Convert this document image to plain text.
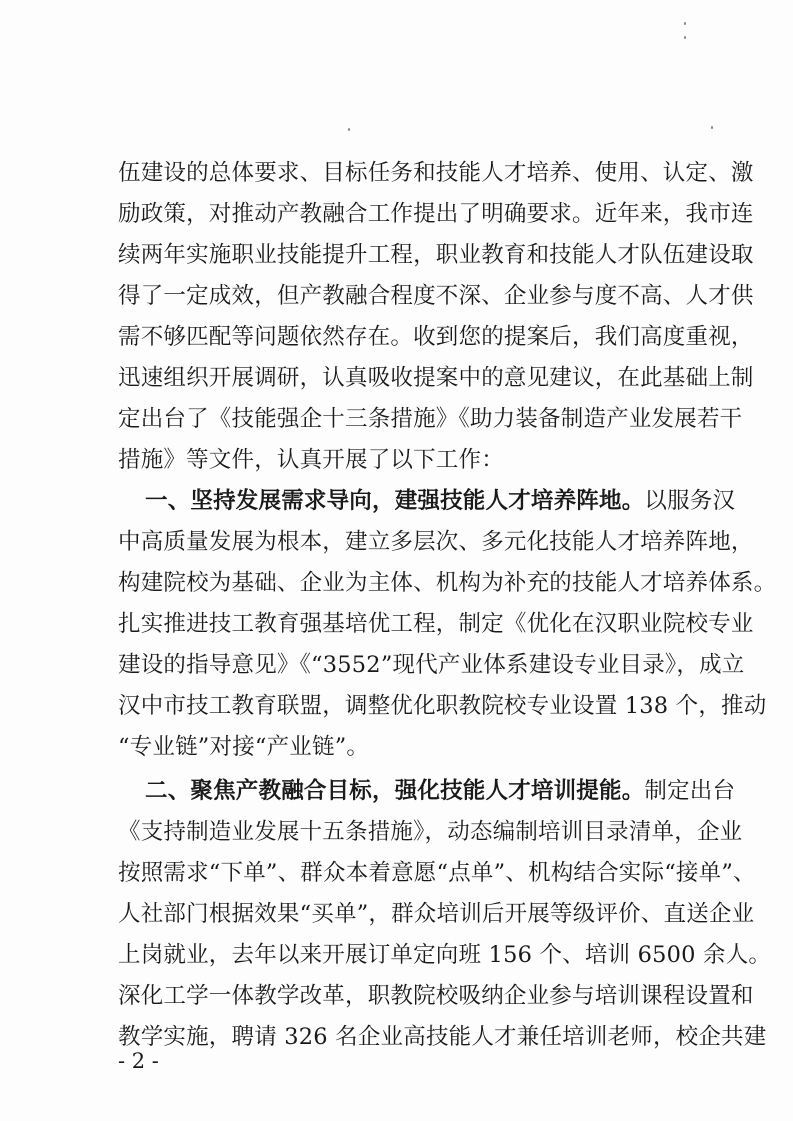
伍建设的总体要求、目标任务和技能人才培养、使用、认定、激
励政策，对推动产教融合工作提出了明确要求。近年来，我市连
续两年实施职业技能提升工程，职业教育和技能人才队伍建设取
得了一定成效，但产教融合程度不深、企业参与度不高、人才供
需不够匹配等问题依然存在。收到您的提案后，我们高度重视，
迅速组织开展调研，认真吸收提案中的意见建议，在此基础上制
定出台了《技能强企十三条措施》《助力装备制造产业发展若干
措施》等文件，认真开展了以下工作：
一、坚持发展需求导向，建强技能人才培养阵地。以服务汉
中高质量发展为根本，建立多层次、多元化技能人才培养阵地，
构建院校为基础、企业为主体、机构为补充的技能人才培养体系。
扎实推进技工教育强基培优工程，制定《优化在汉职业院校专业
建设的指导意见》《“3552”现代产业体系建设专业目录》，成立
汉中市技工教育联盟，调整优化职教院校专业设置 138 个，推动
“专业链”对接“产业链”。
二、聚焦产教融合目标，强化技能人才培训提能。制定出台
《支持制造业发展十五条措施》，动态编制培训目录清单，企业
按照需求“下单”、群众本着意愿“点单”、机构结合实际“接单”、
人社部门根据效果“买单”，群众培训后开展等级评价、直送企业
上岗就业，去年以来开展订单定向班 156 个、培训 6500 余人。
深化工学一体教学改革，职教院校吸纳企业参与培训课程设置和
教学实施，聘请 326 名企业高技能人才兼任培训老师，校企共建
- 2 -
